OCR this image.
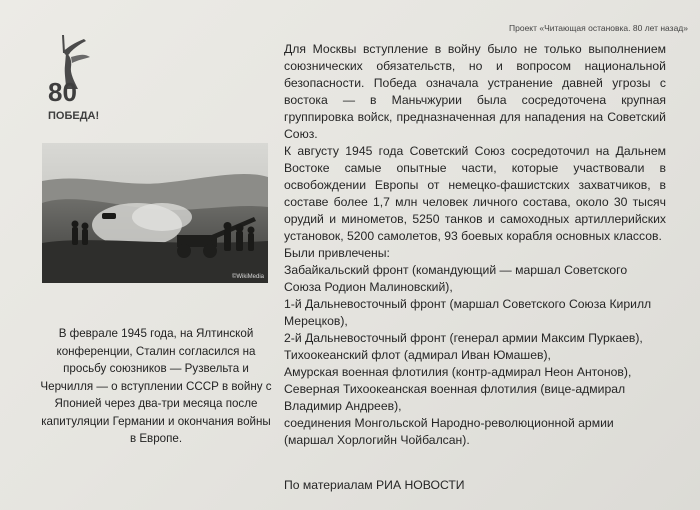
Проект «Читающая остановка. 80 лет назад»
80
ПОБЕДА!
©WikiMedia
В феврале 1945 года, на Ялтинской конференции, Сталин согласился на просьбу союзников — Рузвельта и Черчилля — о вступлении СССР в войну с Японией через два-три месяца после капитуляции Германии и окончания войны в Европе.

Для Москвы вступление в войну было не только выполнением союзнических обязательств, но и вопросом национальной безопасности. Победа означала устранение давней угрозы с востока — в Маньчжурии была сосредоточена крупная группировка войск, предназначенная для нападения на Советский Союз.

К августу 1945 года Советский Союз сосредоточил на Дальнем Востоке самые опытные части, которые участвовали в освобождении Европы от немецко-фашистских захватчиков, в составе более 1,7 млн человек личного состава, около 30 тысяч орудий и минометов, 5250 танков и самоходных артиллерийских установок, 5200 самолетов, 93 боевых корабля основных классов.

Были привлечены:
Забайкальский фронт (командующий — маршал Советского Союза Родион Малиновский),
1-й Дальневосточный фронт (маршал Советского Союза Кирилл Мерецков),
2-й Дальневосточный фронт (генерал армии Максим Пуркаев),
Тихоокеанский флот (адмирал Иван Юмашев),
Амурская военная флотилия (контр-адмирал Неон Антонов),
Северная Тихоокеанская военная флотилия (вице-адмирал Владимир Андреев),
соединения Монгольской Народно-революционной армии (маршал Хорлогийн Чойбалсан).
По материалам РИА НОВОСТИ
